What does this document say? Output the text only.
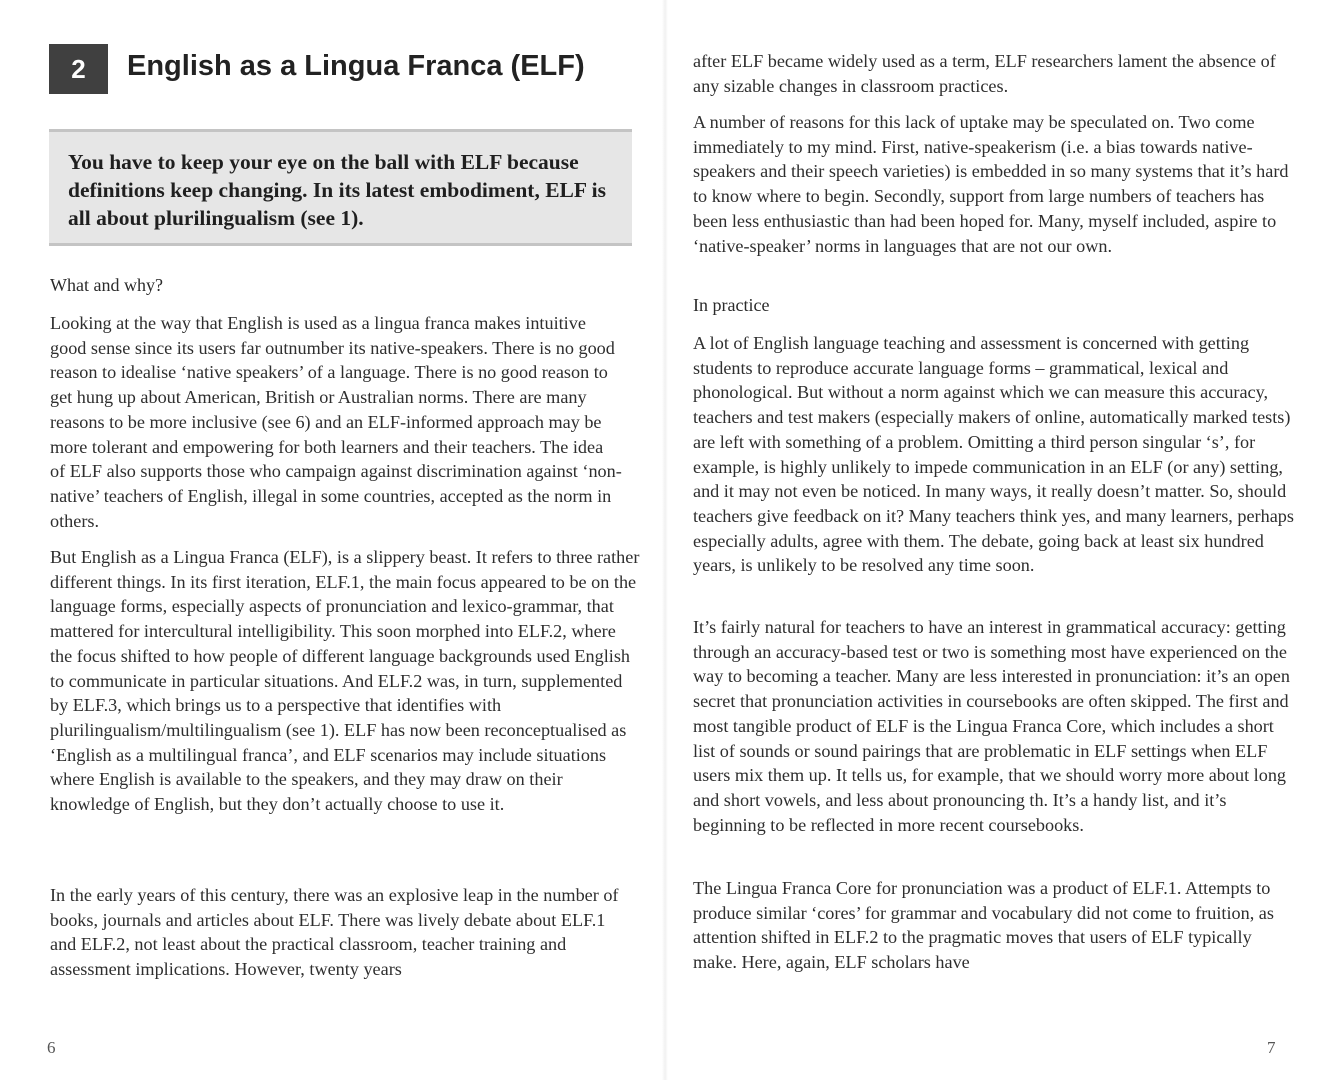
2	English as a Lingua Franca (ELF)
You have to keep your eye on the ball with ELF because definitions keep changing. In its latest embodiment, ELF is all about plurilingualism (see 1).
What and why?

Looking at the way that English is used as a lingua franca makes intuitive good sense since its users far outnumber its native-speakers. There is no good reason to idealise ‘native speakers’ of a language. There is no good reason to get hung up about American, British or Australian norms. There are many reasons to be more inclusive (see 6) and an ELF-informed approach may be more tolerant and empowering for both learners and their teachers. The idea of ELF also supports those who campaign against discrimination against ‘non-native’ teachers of English, illegal in some countries, accepted as the norm in others.

But English as a Lingua Franca (ELF), is a slippery beast. It refers to three rather different things. In its first iteration, ELF.1, the main focus appeared to be on the language forms, especially aspects of pronunciation and lexico-grammar, that mattered for intercultural intelligibility. This soon morphed into ELF.2, where the focus shifted to how people of different language backgrounds used English to communicate in particular situations. And ELF.2 was, in turn, supplemented by ELF.3, which brings us to a perspective that identifies with plurilingualism/multilingualism (see 1). ELF has now been reconceptualised as ‘English as a multilingual franca’, and ELF scenarios may include situations where English is available to the speakers, and they may draw on their knowledge of English, but they don’t actually choose to use it.

In the early years of this century, there was an explosive leap in the number of books, journals and articles about ELF. There was lively debate about ELF.1 and ELF.2, not least about the practical classroom, teacher training and assessment implications. However, twenty years

6

after ELF became widely used as a term, ELF researchers lament the absence of any sizable changes in classroom practices.

A number of reasons for this lack of uptake may be speculated on. Two come immediately to my mind. First, native-speakerism (i.e. a bias towards native-speakers and their speech varieties) is embedded in so many systems that it’s hard to know where to begin. Secondly, support from large numbers of teachers has been less enthusiastic than had been hoped for. Many, myself included, aspire to ‘native-speaker’ norms in languages that are not our own.

In practice

A lot of English language teaching and assessment is concerned with getting students to reproduce accurate language forms – grammatical, lexical and phonological. But without a norm against which we can measure this accuracy, teachers and test makers (especially makers of online, automatically marked tests) are left with something of a problem. Omitting a third person singular ‘s’, for example, is highly unlikely to impede communication in an ELF (or any) setting, and it may not even be noticed. In many ways, it really doesn’t matter. So, should teachers give feedback on it? Many teachers think yes, and many learners, perhaps especially adults, agree with them. The debate, going back at least six hundred years, is unlikely to be resolved any time soon.

It’s fairly natural for teachers to have an interest in grammatical accuracy: getting through an accuracy-based test or two is something most have experienced on the way to becoming a teacher. Many are less interested in pronunciation: it’s an open secret that pronunciation activities in coursebooks are often skipped. The first and most tangible product of ELF is the Lingua Franca Core, which includes a short list of sounds or sound pairings that are problematic in ELF settings when ELF users mix them up. It tells us, for example, that we should worry more about long and short vowels, and less about pronouncing th. It’s a handy list, and it’s beginning to be reflected in more recent coursebooks.

The Lingua Franca Core for pronunciation was a product of ELF.1. Attempts to produce similar ‘cores’ for grammar and vocabulary did not come to fruition, as attention shifted in ELF.2 to the pragmatic moves that users of ELF typically make. Here, again, ELF scholars have

7
